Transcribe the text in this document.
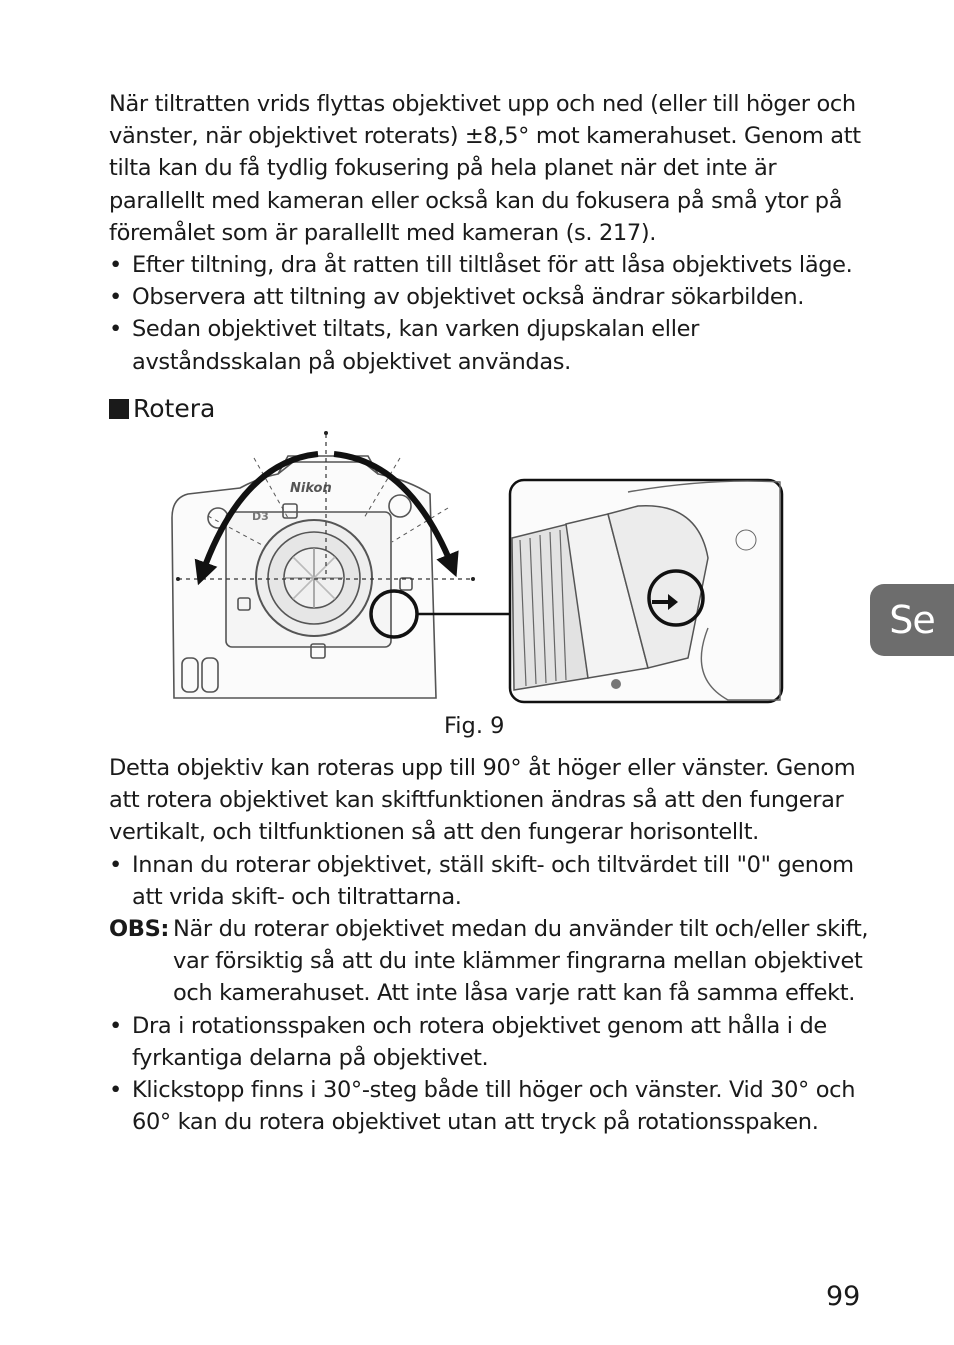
När tiltratten vrids flyttas objektivet upp och ned (eller till höger och vänster, när objektivet roterats) ±8,5° mot kamerahuset. Genom att tilta kan du få tydlig fokusering på hela planet när det inte är parallellt med kameran eller också kan du fokusera på små ytor på föremålet som är parallellt med kameran (s. 217).
• Efter tiltning, dra åt ratten till tiltlåset för att låsa objektivets läge.
• Observera att tiltning av objektivet också ändrar sökarbilden.
• Sedan objektivet tiltats, kan varken djupskalan eller avståndsskalan på objektivet användas.
Rotera
Nikon
D3
Fig. 9
Detta objektiv kan roteras upp till 90° åt höger eller vänster. Genom att rotera objektivet kan skiftfunktionen ändras så att den fungerar vertikalt, och tiltfunktionen så att den fungerar horisontellt.
• Innan du roterar objektivet, ställ skift- och tiltvärdet till "0" genom att vrida skift- och tiltrattarna.
OBS: När du roterar objektivet medan du använder tilt och/eller skift, var försiktig så att du inte klämmer fingrarna mellan objektivet och kamerahuset. Att inte låsa varje ratt kan få samma effekt.
• Dra i rotationsspaken och rotera objektivet genom att hålla i de fyrkantiga delarna på objektivet.
• Klickstopp finns i 30°-steg både till höger och vänster. Vid 30° och 60° kan du rotera objektivet utan att tryck på rotationsspaken.
Se
99
